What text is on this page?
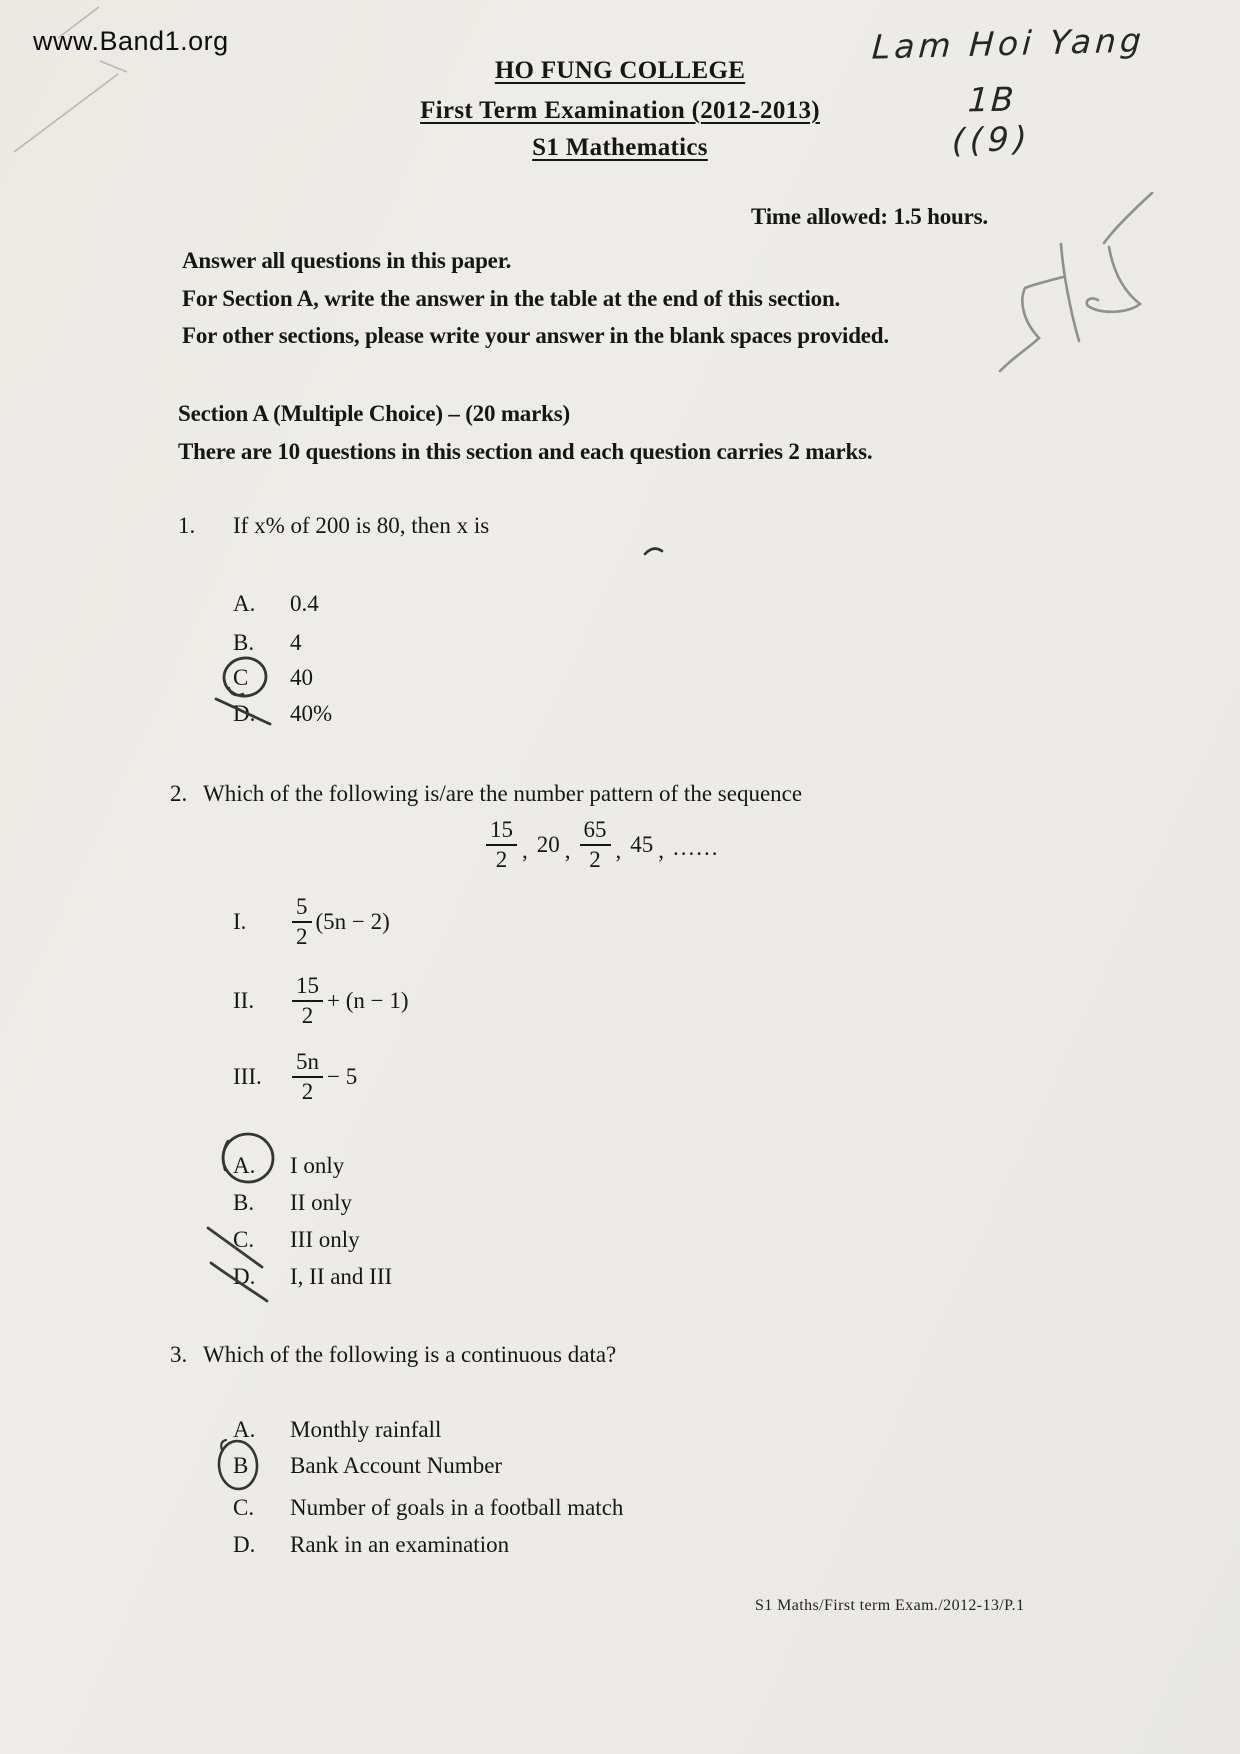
www.Band1.org
HO FUNG COLLEGE
First Term Examination (2012-2013)
S1 Mathematics
Lam Hoi Yang
1B
((9)
Time allowed: 1.5 hours.
Answer all questions in this paper.
For Section A, write the answer in the table at the end of this section.
For other sections, please write your answer in the blank spaces provided.
Section A (Multiple Choice) – (20 marks)
There are 10 questions in this section and each question carries 2 marks.
1.	If x% of 200 is 80, then x is
A.	0.4
B.	4
C	40
D.	40%
2. Which of the following is/are the number pattern of the sequence
$\frac{15}{2}$ , 20 , $\frac{65}{2}$ , 45 , ......
I.	$\frac{5}{2} (5n - 2)$
II.	$\frac{15}{2} + (n - 1)$
III.	$\frac{5n}{2} - 5$
A.	I only
B.	II only
C.	III only
D.	I, II and III
3. Which of the following is a continuous data?
A.	Monthly rainfall
B	Bank Account Number
C.	Number of goals in a football match
D.	Rank in an examination
S1 Maths/First term Exam./2012-13/P.1
